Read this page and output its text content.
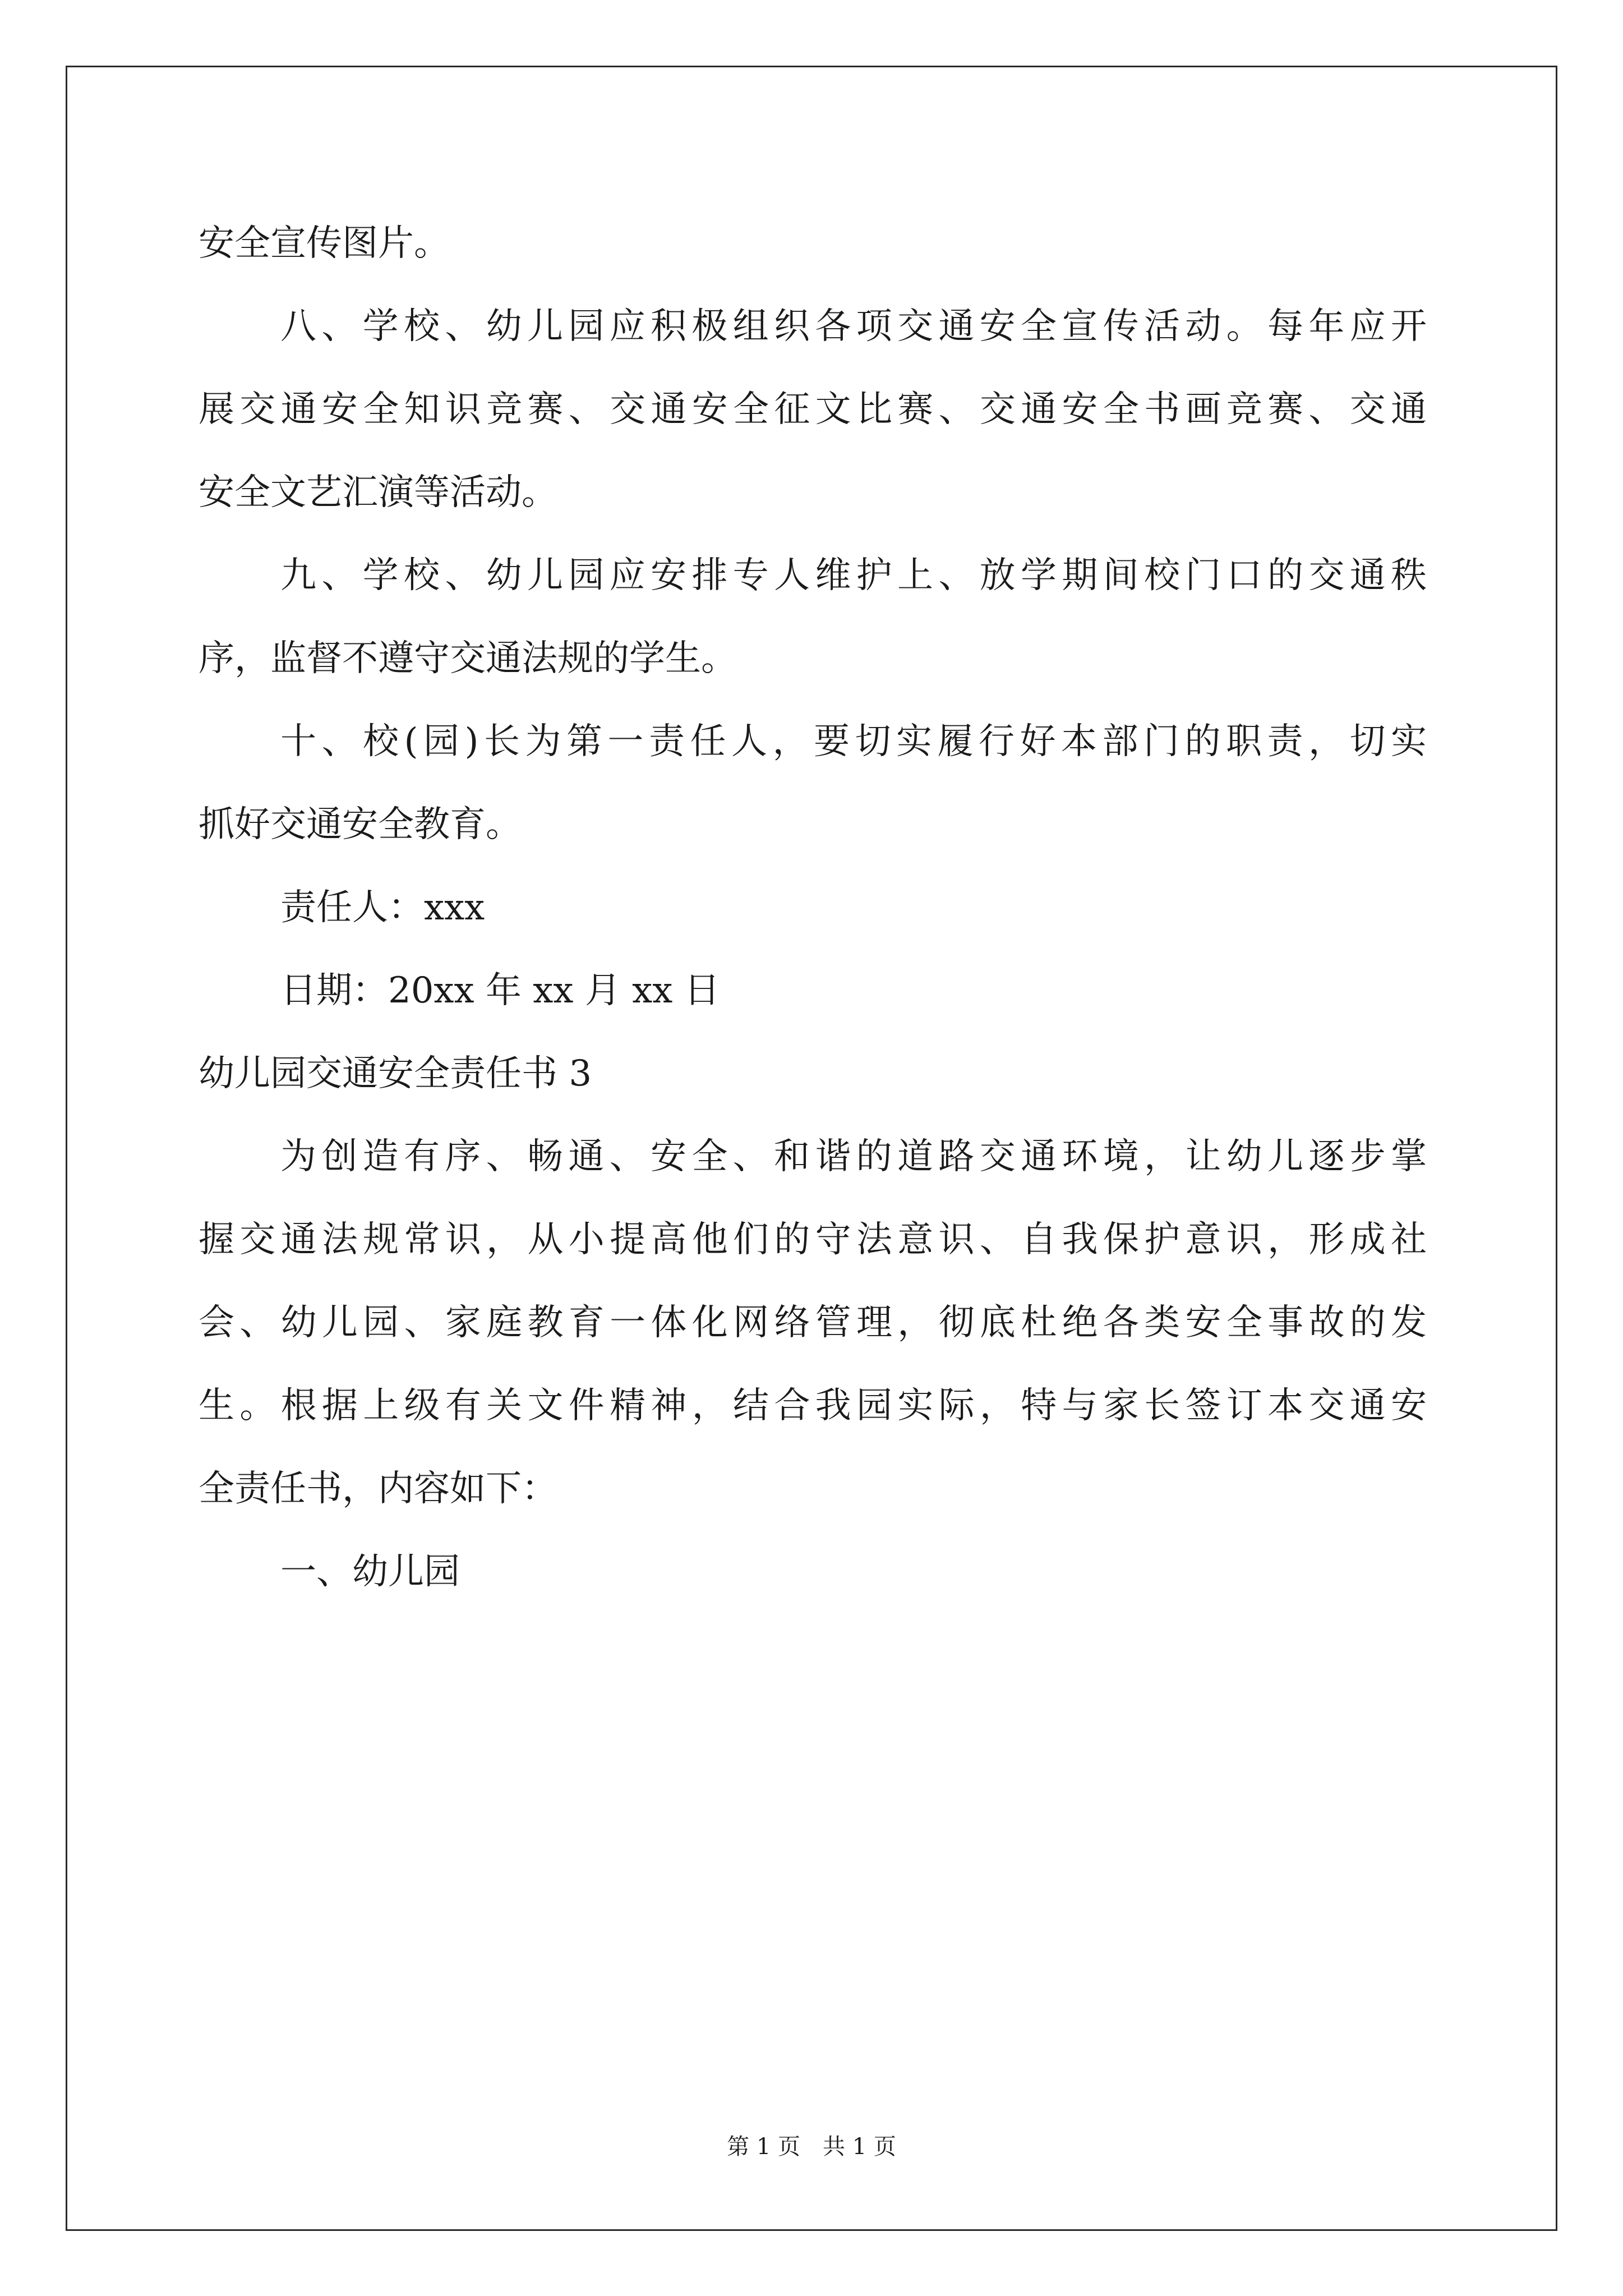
安全宣传图片。
八、学校、幼儿园应积极组织各项交通安全宣传活动。每年应开
展交通安全知识竞赛、交通安全征文比赛、交通安全书画竞赛、交通
安全文艺汇演等活动。
九、学校、幼儿园应安排专人维护上、放学期间校门口的交通秩
序，监督不遵守交通法规的学生。
十、校(园)长为第一责任人，要切实履行好本部门的职责，切实
抓好交通安全教育。
责任人：xxx
日期：20xx 年 xx 月 xx 日
幼儿园交通安全责任书 3
为创造有序、畅通、安全、和谐的道路交通环境，让幼儿逐步掌
握交通法规常识，从小提高他们的守法意识、自我保护意识，形成社
会、幼儿园、家庭教育一体化网络管理，彻底杜绝各类安全事故的发
生。根据上级有关文件精神，结合我园实际，特与家长签订本交通安
全责任书，内容如下：
一、幼儿园
第 1 页　共 1 页
